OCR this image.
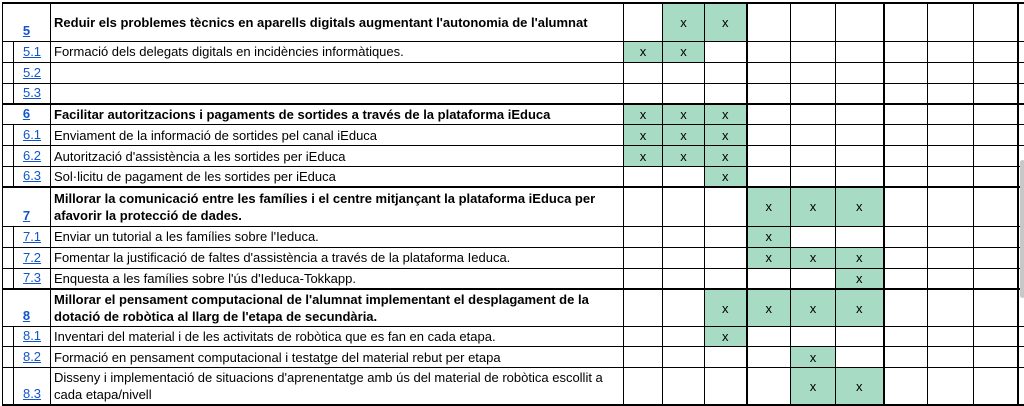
5		Reduir els problemes tècnics en aparells digitals augmentant l'autonomia de l'alumnat		x	x							
	5.1	Formació dels delegats digitals en incidències informàtiques.	x	x								
	5.2											
	5.3											
6		Facilitar autoritzacions i pagaments de sortides a través de la plataforma iEduca	x	x	x							
	6.1	Enviament de la informació de sortides pel canal iEduca	x	x	x							
	6.2	Autorització d'assistència a les sortides per iEduca	x	x	x							
	6.3	Sol·licitu de pagament de les sortides per iEduca			x							
7		Millorar la comunicació entre les famílies i el centre mitjançant la plataforma iEduca per afavorir la protecció de dades.				x	x	x				
	7.1	Enviar un tutorial a les famílies sobre l'Ieduca.				x						
	7.2	Fomentar la justificació de faltes d'assistència a través de la plataforma Ieduca.				x	x	x				
	7.3	Enquesta a les famílies sobre l'ús d'Ieduca-Tokkapp.						x				
8		Millorar el pensament computacional de l'alumnat implementant el desplagament de la dotació de robòtica al llarg de l'etapa de secundària.			x	x	x	x				
	8.1	Inventari del material i de les activitats de robòtica que es fan en cada etapa.			x							
	8.2	Formació en pensament computacional i testatge del material rebut per etapa					x					
	8.3	Disseny i implementació de situacions d'aprenentatge amb ús del material de robòtica escollit a cada etapa/nivell					x	x				
